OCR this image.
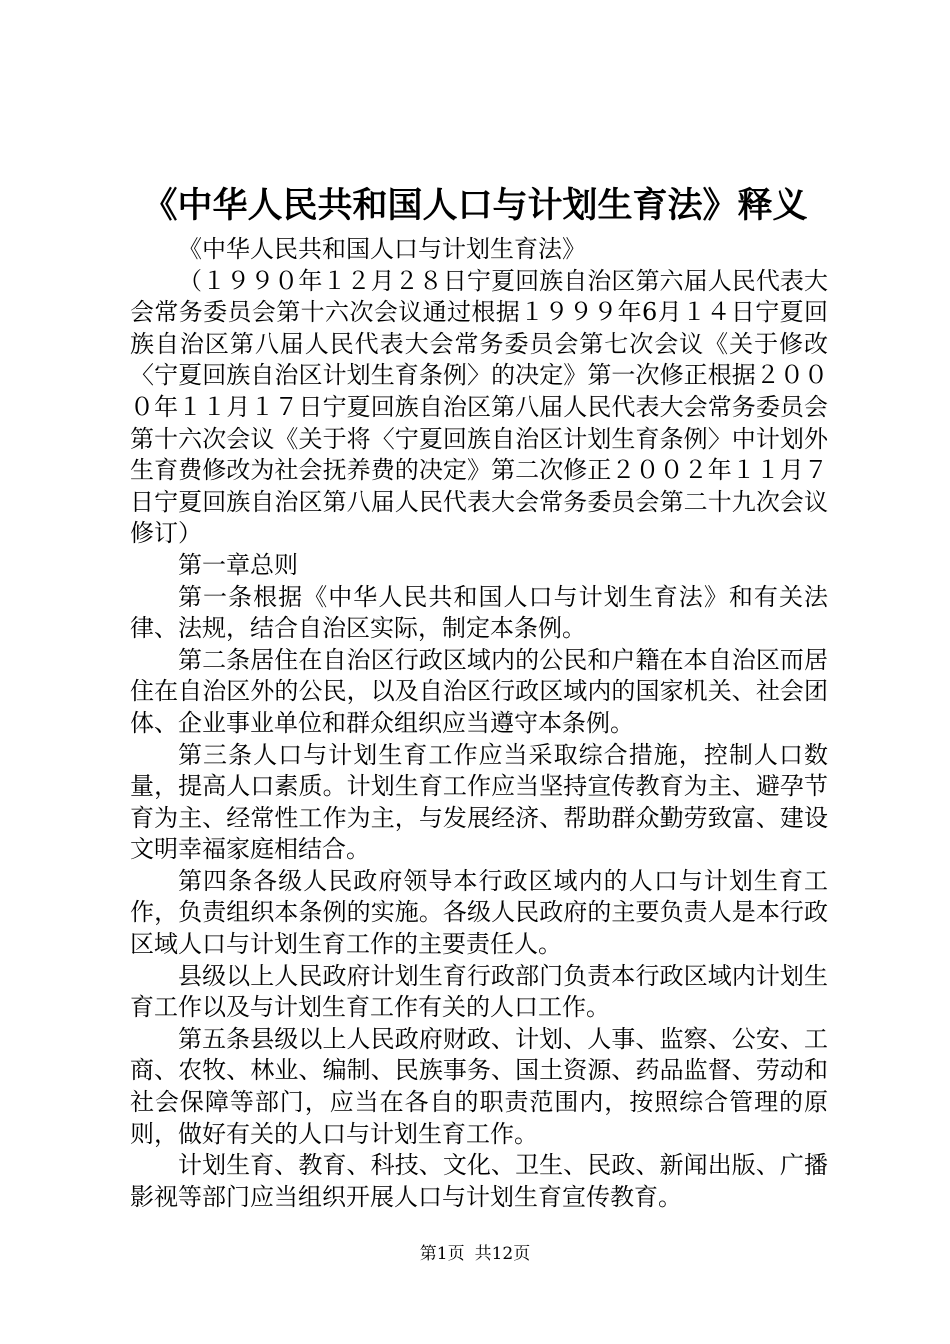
《中华人民共和国人口与计划生育法》释义

《中华人民共和国人口与计划生育法》

（１９９０年１２月２８日宁夏回族自治区第六届人民代表大会常务委员会第十六次会议通过根据１９９９年6月１４日宁夏回族自治区第八届人民代表大会常务委员会第七次会议《关于修改〈宁夏回族自治区计划生育条例〉的决定》第一次修正根据２０００年１１月１７日宁夏回族自治区第八届人民代表大会常务委员会第十六次会议《关于将〈宁夏回族自治区计划生育条例〉中计划外生育费修改为社会抚养费的决定》第二次修正２００２年１１月７日宁夏回族自治区第八届人民代表大会常务委员会第二十九次会议修订）

第一章总则

第一条根据《中华人民共和国人口与计划生育法》和有关法律、法规，结合自治区实际，制定本条例。

第二条居住在自治区行政区域内的公民和户籍在本自治区而居住在自治区外的公民，以及自治区行政区域内的国家机关、社会团体、企业事业单位和群众组织应当遵守本条例。

第三条人口与计划生育工作应当采取综合措施，控制人口数量，提高人口素质。计划生育工作应当坚持宣传教育为主、避孕节育为主、经常性工作为主，与发展经济、帮助群众勤劳致富、建设文明幸福家庭相结合。

第四条各级人民政府领导本行政区域内的人口与计划生育工作，负责组织本条例的实施。各级人民政府的主要负责人是本行政区域人口与计划生育工作的主要责任人。

县级以上人民政府计划生育行政部门负责本行政区域内计划生育工作以及与计划生育工作有关的人口工作。

第五条县级以上人民政府财政、计划、人事、监察、公安、工商、农牧、林业、编制、民族事务、国土资源、药品监督、劳动和社会保障等部门，应当在各自的职责范围内，按照综合管理的原则，做好有关的人口与计划生育工作。

计划生育、教育、科技、文化、卫生、民政、新闻出版、广播影视等部门应当组织开展人口与计划生育宣传教育。

第1页 共12页
